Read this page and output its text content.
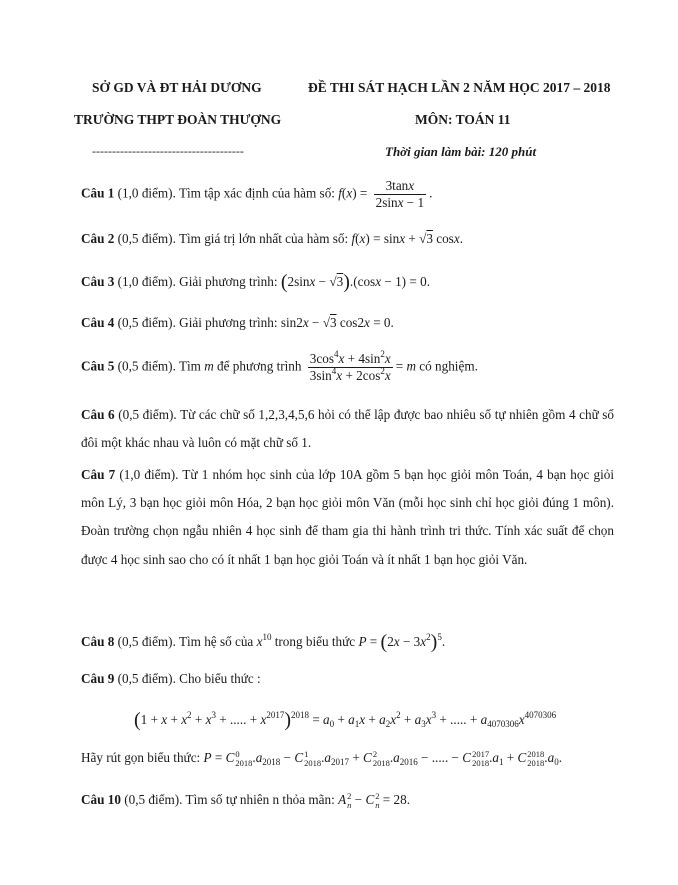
SỞ GD VÀ ĐT HẢI DƯƠNG	ĐỀ THI SÁT HẠCH LẦN 2 NĂM HỌC 2017 – 2018
TRƯỜNG THPT ĐOÀN THƯỢNG	MÔN: TOÁN 11
--------------------------------------	Thời gian làm bài: 120 phút
Câu 1 (1,0 điểm). Tìm tập xác định của hàm số: $f(x) = \frac{3\tan x}{2\sin x - 1}$ .
Câu 2 (0,5 điểm). Tìm giá trị lớn nhất của hàm số: f(x) = sinx + √3 cosx.
Câu 3 (1,0 điểm). Giải phương trình: (2sinx − √3).(cosx − 1) = 0.
Câu 4 (0,5 điểm). Giải phương trình: sin2x − √3 cos2x = 0.
Câu 5 (0,5 điểm). Tìm m để phương trình $\frac{3\cos^4x + 4\sin^2x}{3\sin^4x + 2\cos^2x} = m$ có nghiệm.
Câu 6 (0,5 điểm). Từ các chữ số 1,2,3,4,5,6 hỏi có thể lập được bao nhiêu số tự nhiên gồm 4 chữ số đôi một khác nhau và luôn có mặt chữ số 1.
Câu 7 (1,0 điểm). Từ 1 nhóm học sinh của lớp 10A gồm 5 bạn học giỏi môn Toán, 4 bạn học giỏi môn Lý, 3 bạn học giỏi môn Hóa, 2 bạn học giỏi môn Văn (mỗi học sinh chỉ học giỏi đúng 1 môn). Đoàn trường chọn ngẫu nhiên 4 học sinh để tham gia thi hành trình tri thức. Tính xác suất để chọn được 4 học sinh sao cho có ít nhất 1 bạn học giỏi Toán và ít nhất 1 bạn học giỏi Văn.
Câu 8 (0,5 điểm). Tìm hệ số của $x^{10}$ trong biểu thức $P = (2x - 3x^2)^5$.
Câu 9 (0,5 điểm). Cho biểu thức :
($1 + x + x^2 + x^3$ + ..... + $x^{2017})^{2018} = a_0 + a_1x + a_2x^2 + a_3x^3$ + ..... + $a_{4070306}x^{4070306}$
Hãy rút gọn biểu thức: P = C 0
2018 $.a_{2018} - C$ 1
2018 $.a_{2017} + C$ 2
2018 $.a_{2016}$ − ..... − C 2017
2018 $.a_1 + C$ 2018
2018 $.a_0$.
Câu 10 (0,5 điểm). Tìm số tự nhiên n thỏa mãn: A 2
n − C 2
n = 28.
